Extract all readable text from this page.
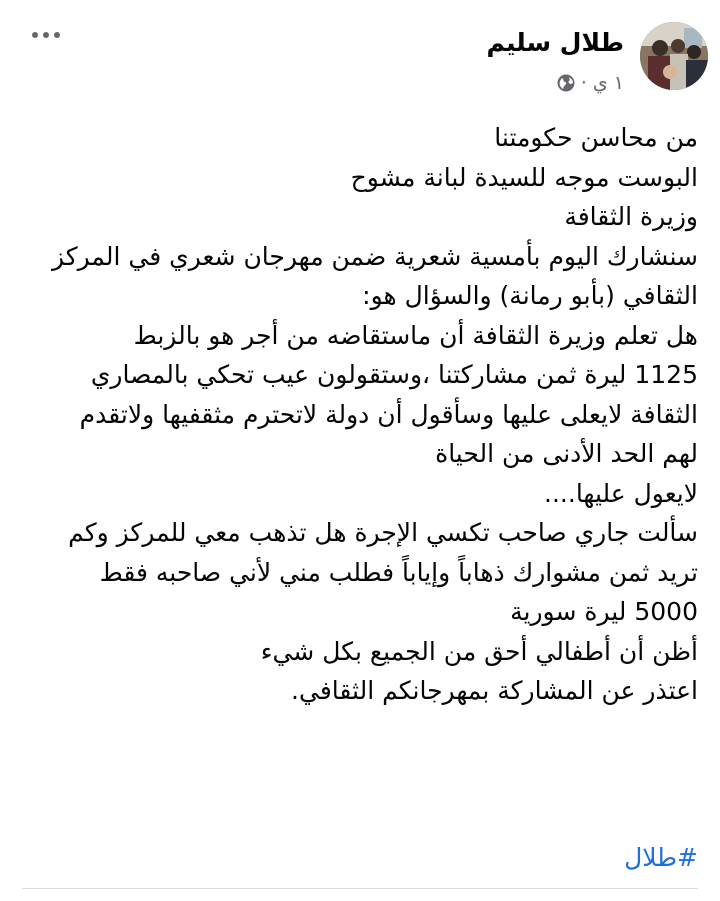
طلال سليم
١ ي
·
من محاسن حكومتنا
البوست موجه للسيدة لبانة مشوح
وزيرة الثقافة
سنشارك اليوم بأمسية شعرية ضمن مهرجان شعري في المركز
الثقافي (بأبو رمانة) والسؤال هو:
هل تعلم وزيرة الثقافة أن ماستقاضه من أجر هو بالزبط
1125 ليرة ثمن مشاركتنا ،وستقولون عيب تحكي بالمصاري
الثقافة لايعلى عليها وسأقول أن دولة لاتحترم مثقفيها ولاتقدم
لهم الحد الأدنى من الحياة
لايعول عليها....
سألت جاري صاحب تكسي الإجرة هل تذهب معي للمركز وكم
تريد ثمن مشوارك ذهاباً وإياباً فطلب مني لأني صاحبه فقط
5000 ليرة سورية
أظن أن أطفالي أحق من الجميع بكل شيء
اعتذر عن المشاركة بمهرجانكم الثقافي.
#طلال
